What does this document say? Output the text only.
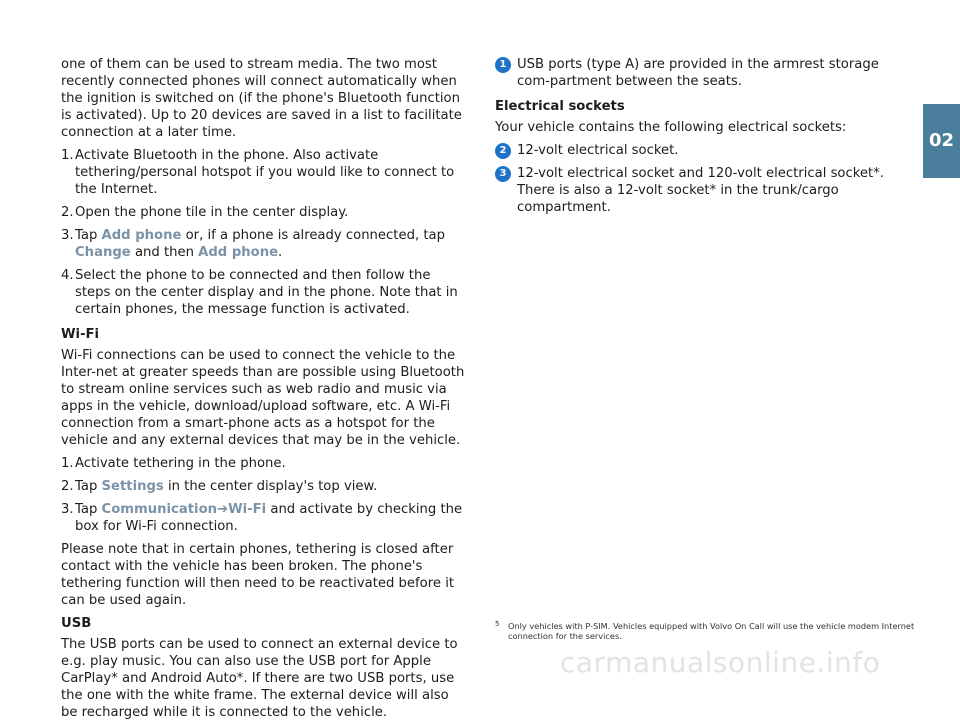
02

one of them can be used to stream media. The two most recently connected phones will connect automatically when the ignition is switched on (if the phone's Bluetooth function is activated). Up to 20 devices are saved in a list to facilitate connection at a later time.

1. Activate Bluetooth in the phone. Also activate tethering/personal hotspot if you would like to connect to the Internet.
2. Open the phone tile in the center display.
3. Tap Add phone or, if a phone is already connected, tap Change and then Add phone.
4. Select the phone to be connected and then follow the steps on the center display and in the phone. Note that in certain phones, the message function is activated.
Wi-Fi

Wi-Fi connections can be used to connect the vehicle to the Inter-net at greater speeds than are possible using Bluetooth to stream online services such as web radio and music via apps in the vehicle, download/upload software, etc. A Wi-Fi connection from a smart-phone acts as a hotspot for the vehicle and any external devices that may be in the vehicle.

1. Activate tethering in the phone.
2. Tap Settings in the center display's top view.
3. Tap Communication➔Wi-Fi and activate by checking the box for Wi-Fi connection.

Please note that in certain phones, tethering is closed after contact with the vehicle has been broken. The phone's tethering function will then need to be reactivated before it can be used again.

USB

The USB ports can be used to connect an external device to e.g. play music. You can also use the USB port for Apple CarPlay* and Android Auto*. If there are two USB ports, use the one with the white frame. The external device will also be recharged while it is connected to the vehicle.

1 USB ports (type A) are provided in the armrest storage com-partment between the seats.
Electrical sockets

Your vehicle contains the following electrical sockets:

2 12-volt electrical socket.
3 12-volt electrical socket and 120-volt electrical socket*. There is also a 12-volt socket* in the trunk/cargo compartment.
5	Only vehicles with P-SIM. Vehicles equipped with Volvo On Call will use the vehicle modem Internet connection for the services.
carmanualsonline.info
